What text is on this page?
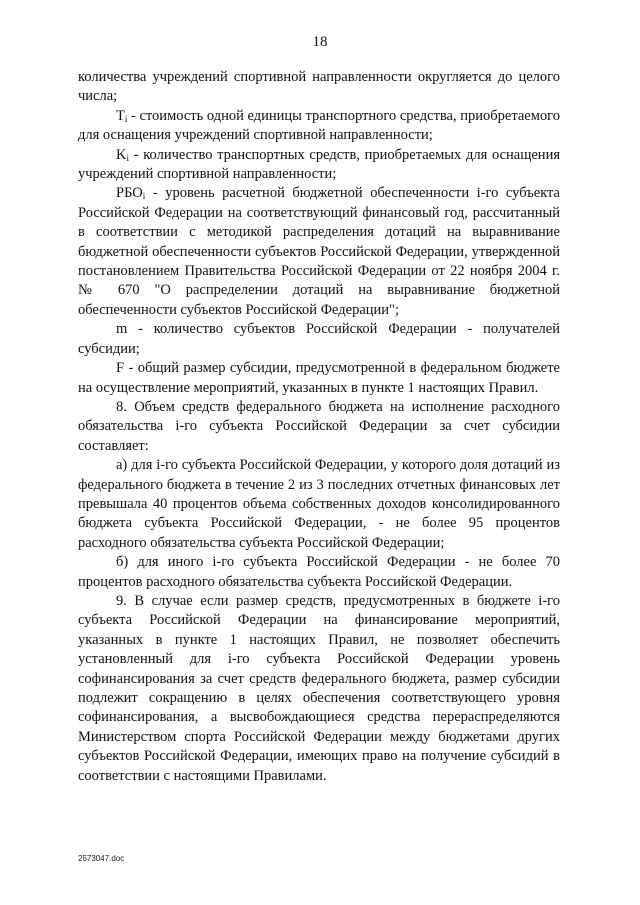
18

количества учреждений спортивной направленности округляется до целого числа;

$T_i$ - стоимость одной единицы транспортного средства, приобретаемого для оснащения учреждений спортивной направленности;

$K_i$ - количество транспортных средств, приобретаемых для оснащения учреждений спортивной направленности;

$РБО_i$ - уровень расчетной бюджетной обеспеченности i-го субъекта Российской Федерации на соответствующий финансовый год, рассчитанный в соответствии с методикой распределения дотаций на выравнивание бюджетной обеспеченности субъектов Российской Федерации, утвержденной постановлением Правительства Российской Федерации от 22 ноября 2004 г. № 670 "О распределении дотаций на выравнивание бюджетной обеспеченности субъектов Российской Федерации";

m - количество субъектов Российской Федерации - получателей субсидии;

F - общий размер субсидии, предусмотренной в федеральном бюджете на осуществление мероприятий, указанных в пункте 1 настоящих Правил.

8. Объем средств федерального бюджета на исполнение расходного обязательства i-го субъекта Российской Федерации за счет субсидии составляет:

а) для i-го субъекта Российской Федерации, у которого доля дотаций из федерального бюджета в течение 2 из 3 последних отчетных финансовых лет превышала 40 процентов объема собственных доходов консолидированного бюджета субъекта Российской Федерации, - не более 95 процентов расходного обязательства субъекта Российской Федерации;

б) для иного i-го субъекта Российской Федерации - не более 70 процентов расходного обязательства субъекта Российской Федерации.

9. В случае если размер средств, предусмотренных в бюджете i-го субъекта Российской Федерации на финансирование мероприятий, указанных в пункте 1 настоящих Правил, не позволяет обеспечить установленный для i-го субъекта Российской Федерации уровень софинансирования за счет средств федерального бюджета, размер субсидии подлежит сокращению в целях обеспечения соответствующего уровня софинансирования, а высвобождающиеся средства перераспределяются Министерством спорта Российской Федерации между бюджетами других субъектов Российской Федерации, имеющих право на получение субсидий в соответствии с настоящими Правилами.

2573047.doc
